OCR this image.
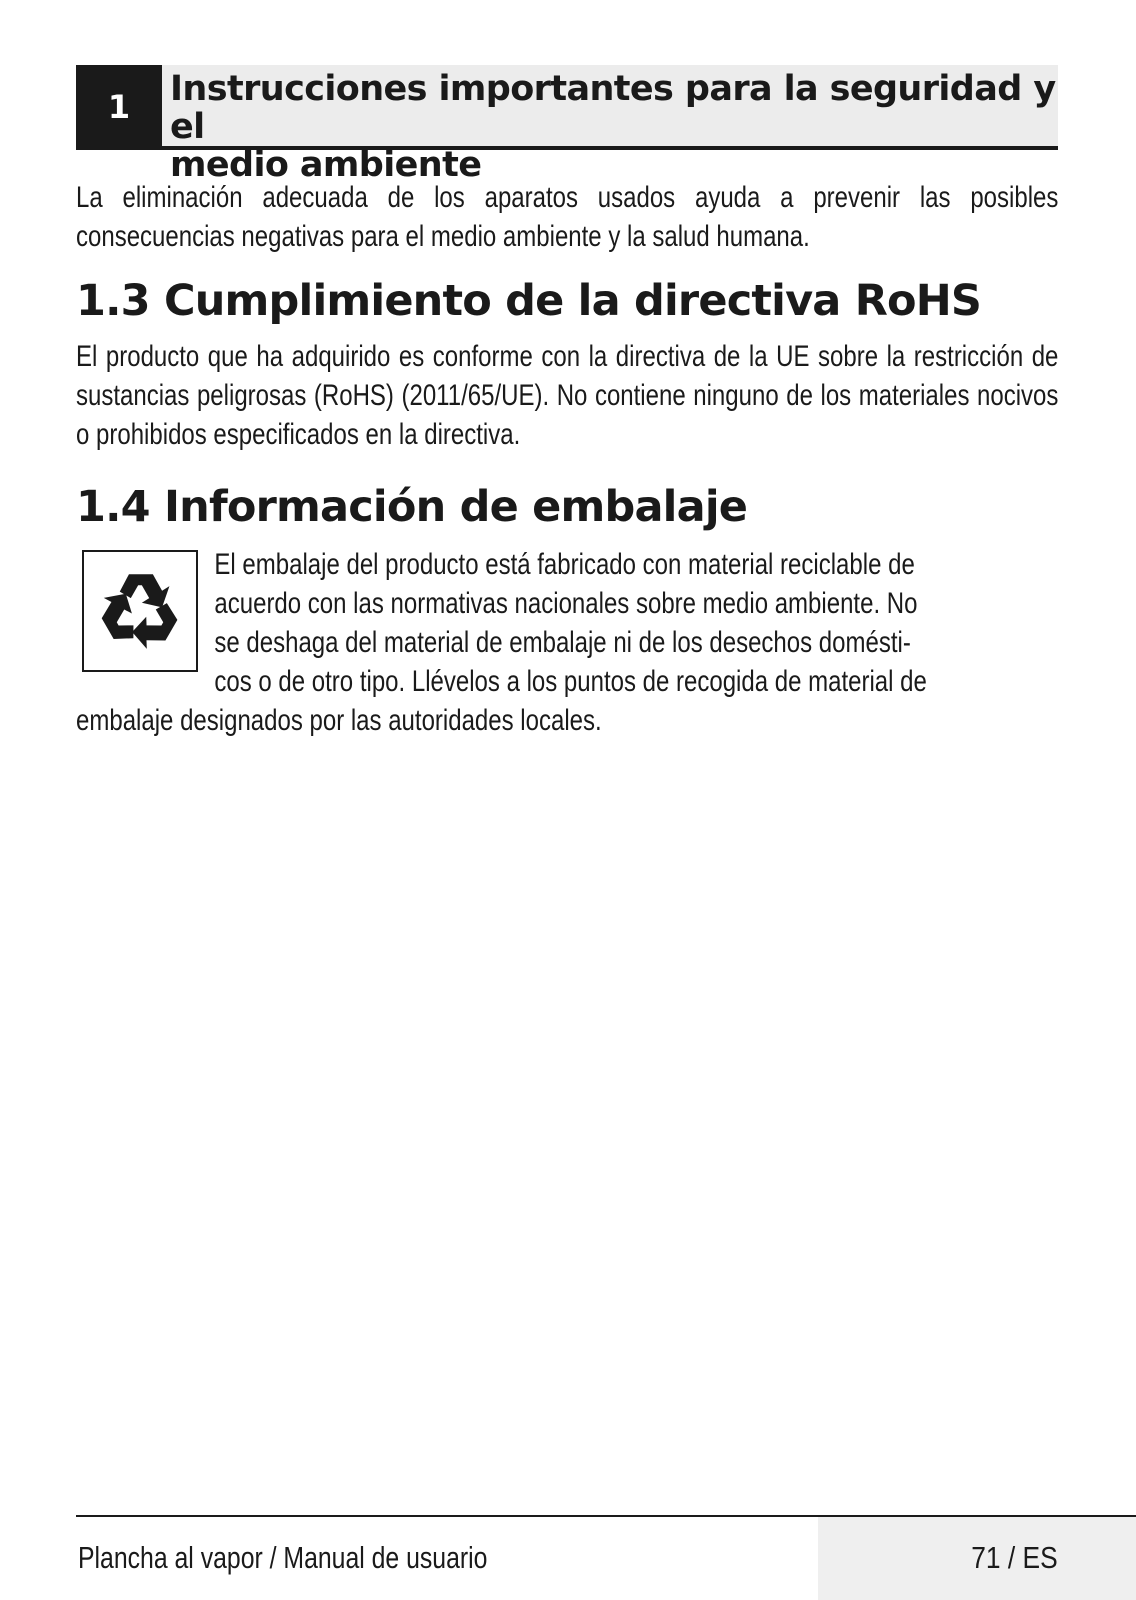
1	Instrucciones importantes para la seguridad y el
medio ambiente
La eliminación adecuada de los aparatos usados ayuda a prevenir las posibles consecuencias negativas para el medio ambiente y la salud humana.
1.3 Cumplimiento de la directiva RoHS
El producto que ha adquirido es conforme con la directiva de la UE sobre la restricción de sustancias peligrosas (RoHS) (2011/65/UE). No contiene ninguno de los materiales nocivos o prohibidos especificados en la directiva.
1.4 Información de embalaje
El embalaje del producto está fabricado con material reciclable de
acuerdo con las normativas nacionales sobre medio ambiente. No
se deshaga del material de embalaje ni de los desechos domésti-
cos o de otro tipo. Llévelos a los puntos de recogida de material de
embalaje designados por las autoridades locales.
Plancha al vapor / Manual de usuario	71 / ES
